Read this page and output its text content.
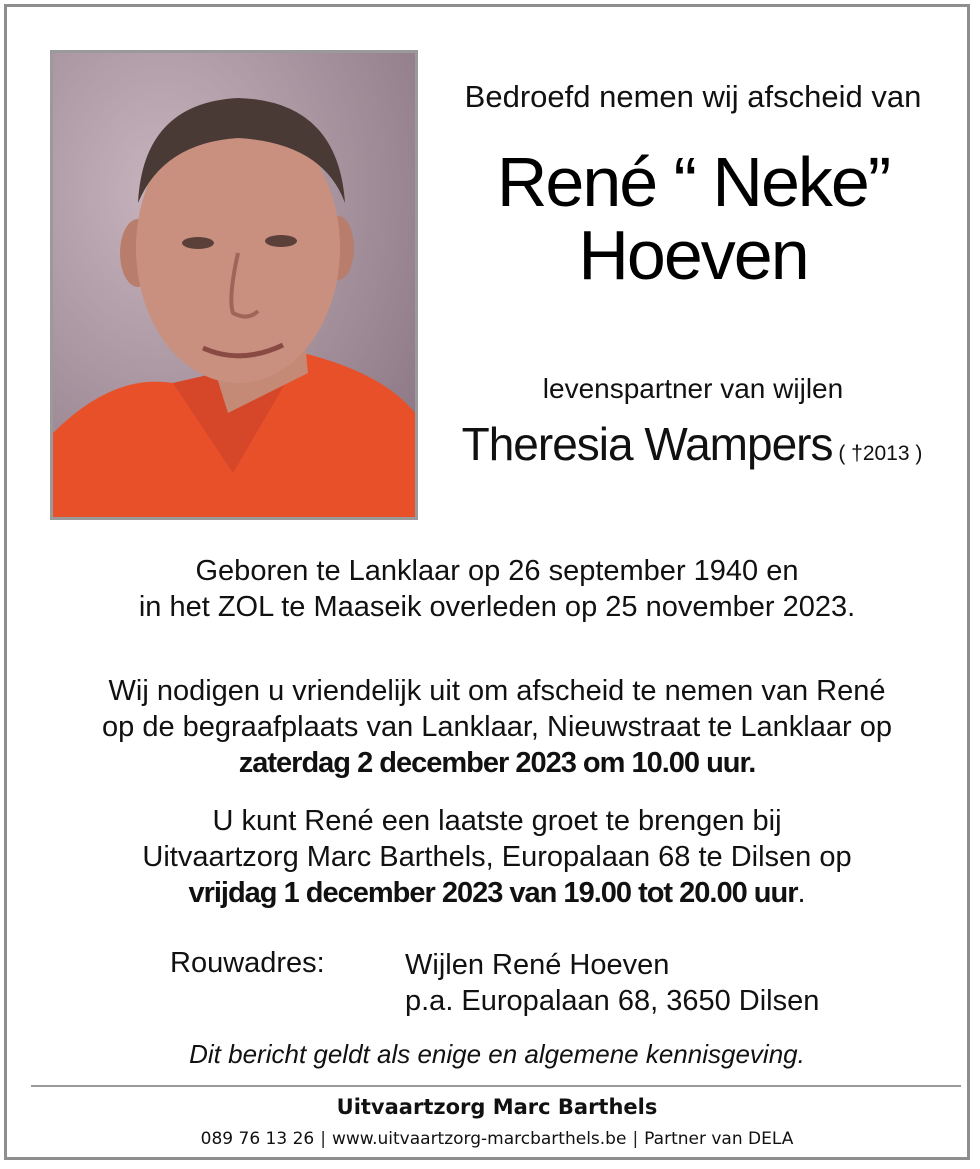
Bedroefd nemen wij afscheid van
René “ Neke”
Hoeven
levenspartner van wijlen
Theresia Wampers ( †2013 )
Geboren te Lanklaar op 26 september 1940 en
in het ZOL te Maaseik overleden op 25 november 2023.
Wij nodigen u vriendelijk uit om afscheid te nemen van René
op de begraafplaats van Lanklaar, Nieuwstraat te Lanklaar op
zaterdag 2 december 2023 om 10.00 uur.
U kunt René een laatste groet te brengen bij
Uitvaartzorg Marc Barthels, Europalaan 68 te Dilsen op
vrijdag 1 december 2023 van 19.00 tot 20.00 uur.
Rouwadres:	Wijlen René Hoeven
p.a. Europalaan 68, 3650 Dilsen
Dit bericht geldt als enige en algemene kennisgeving.
Uitvaartzorg Marc Barthels
089 76 13 26 | www.uitvaartzorg-marcbarthels.be | Partner van DELA
